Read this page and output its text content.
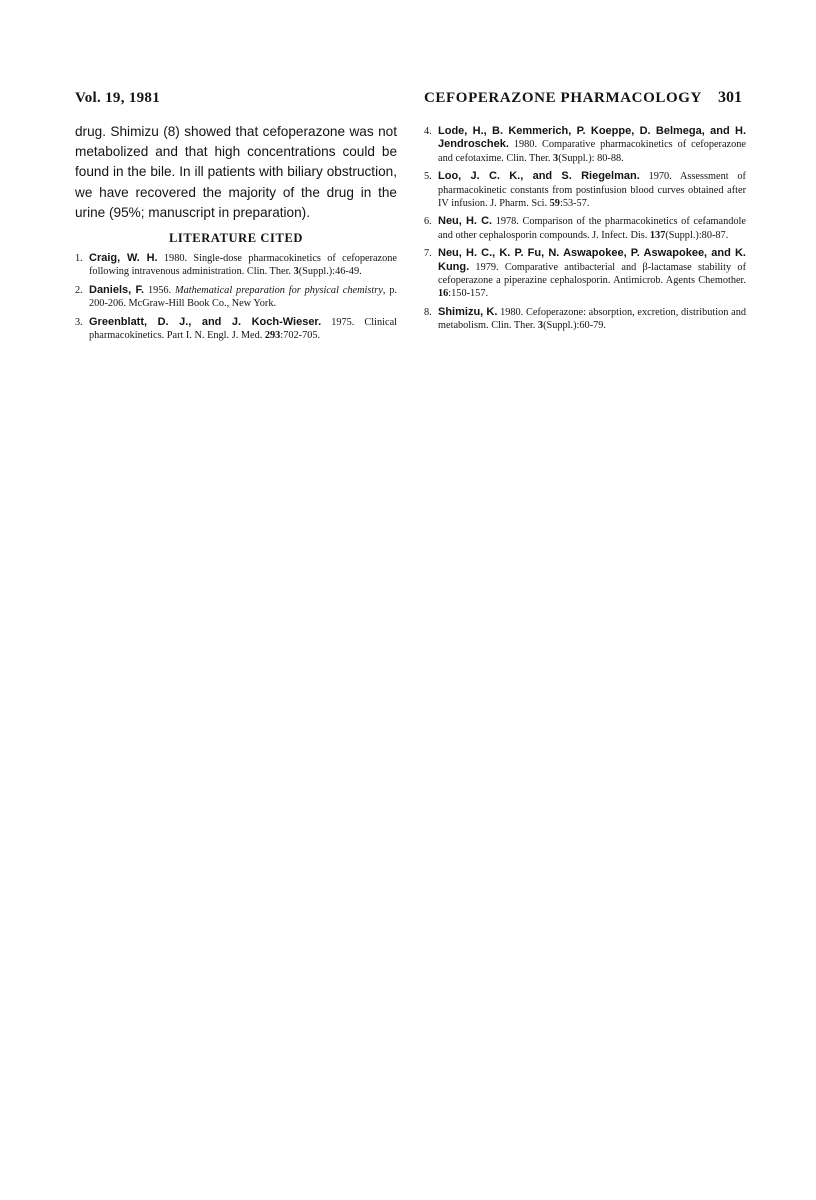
Vol. 19, 1981	CEFOPERAZONE PHARMACOLOGY 301

drug. Shimizu (8) showed that cefoperazone was not metabolized and that high concentrations could be found in the bile. In ill patients with biliary obstruction, we have recovered the majority of the drug in the urine (95%; manuscript in preparation).

LITERATURE CITED
1. Craig, W. H. 1980. Single-dose pharmacokinetics of cefoperazone following intravenous administration. Clin. Ther. 3(Suppl.):46-49.
2. Daniels, F. 1956. Mathematical preparation for physical chemistry, p. 200-206. McGraw-Hill Book Co., New York.
3. Greenblatt, D. J., and J. Koch-Wieser. 1975. Clinical pharmacokinetics. Part I. N. Engl. J. Med. 293:702-705.
4. Lode, H., B. Kemmerich, P. Koeppe, D. Belmega, and H. Jendroschek. 1980. Comparative pharmacokinetics of cefoperazone and cefotaxime. Clin. Ther. 3(Suppl.): 80-88.
5. Loo, J. C. K., and S. Riegelman. 1970. Assessment of pharmacokinetic constants from postinfusion blood curves obtained after IV infusion. J. Pharm. Sci. 59:53-57.
6. Neu, H. C. 1978. Comparison of the pharmacokinetics of cefamandole and other cephalosporin compounds. J. Infect. Dis. 137(Suppl.):80-87.
7. Neu, H. C., K. P. Fu, N. Aswapokee, P. Aswapokee, and K. Kung. 1979. Comparative antibacterial and β-lactamase stability of cefoperazone a piperazine cephalosporin. Antimicrob. Agents Chemother. 16:150-157.
8. Shimizu, K. 1980. Cefoperazone: absorption, excretion, distribution and metabolism. Clin. Ther. 3(Suppl.):60-79.
